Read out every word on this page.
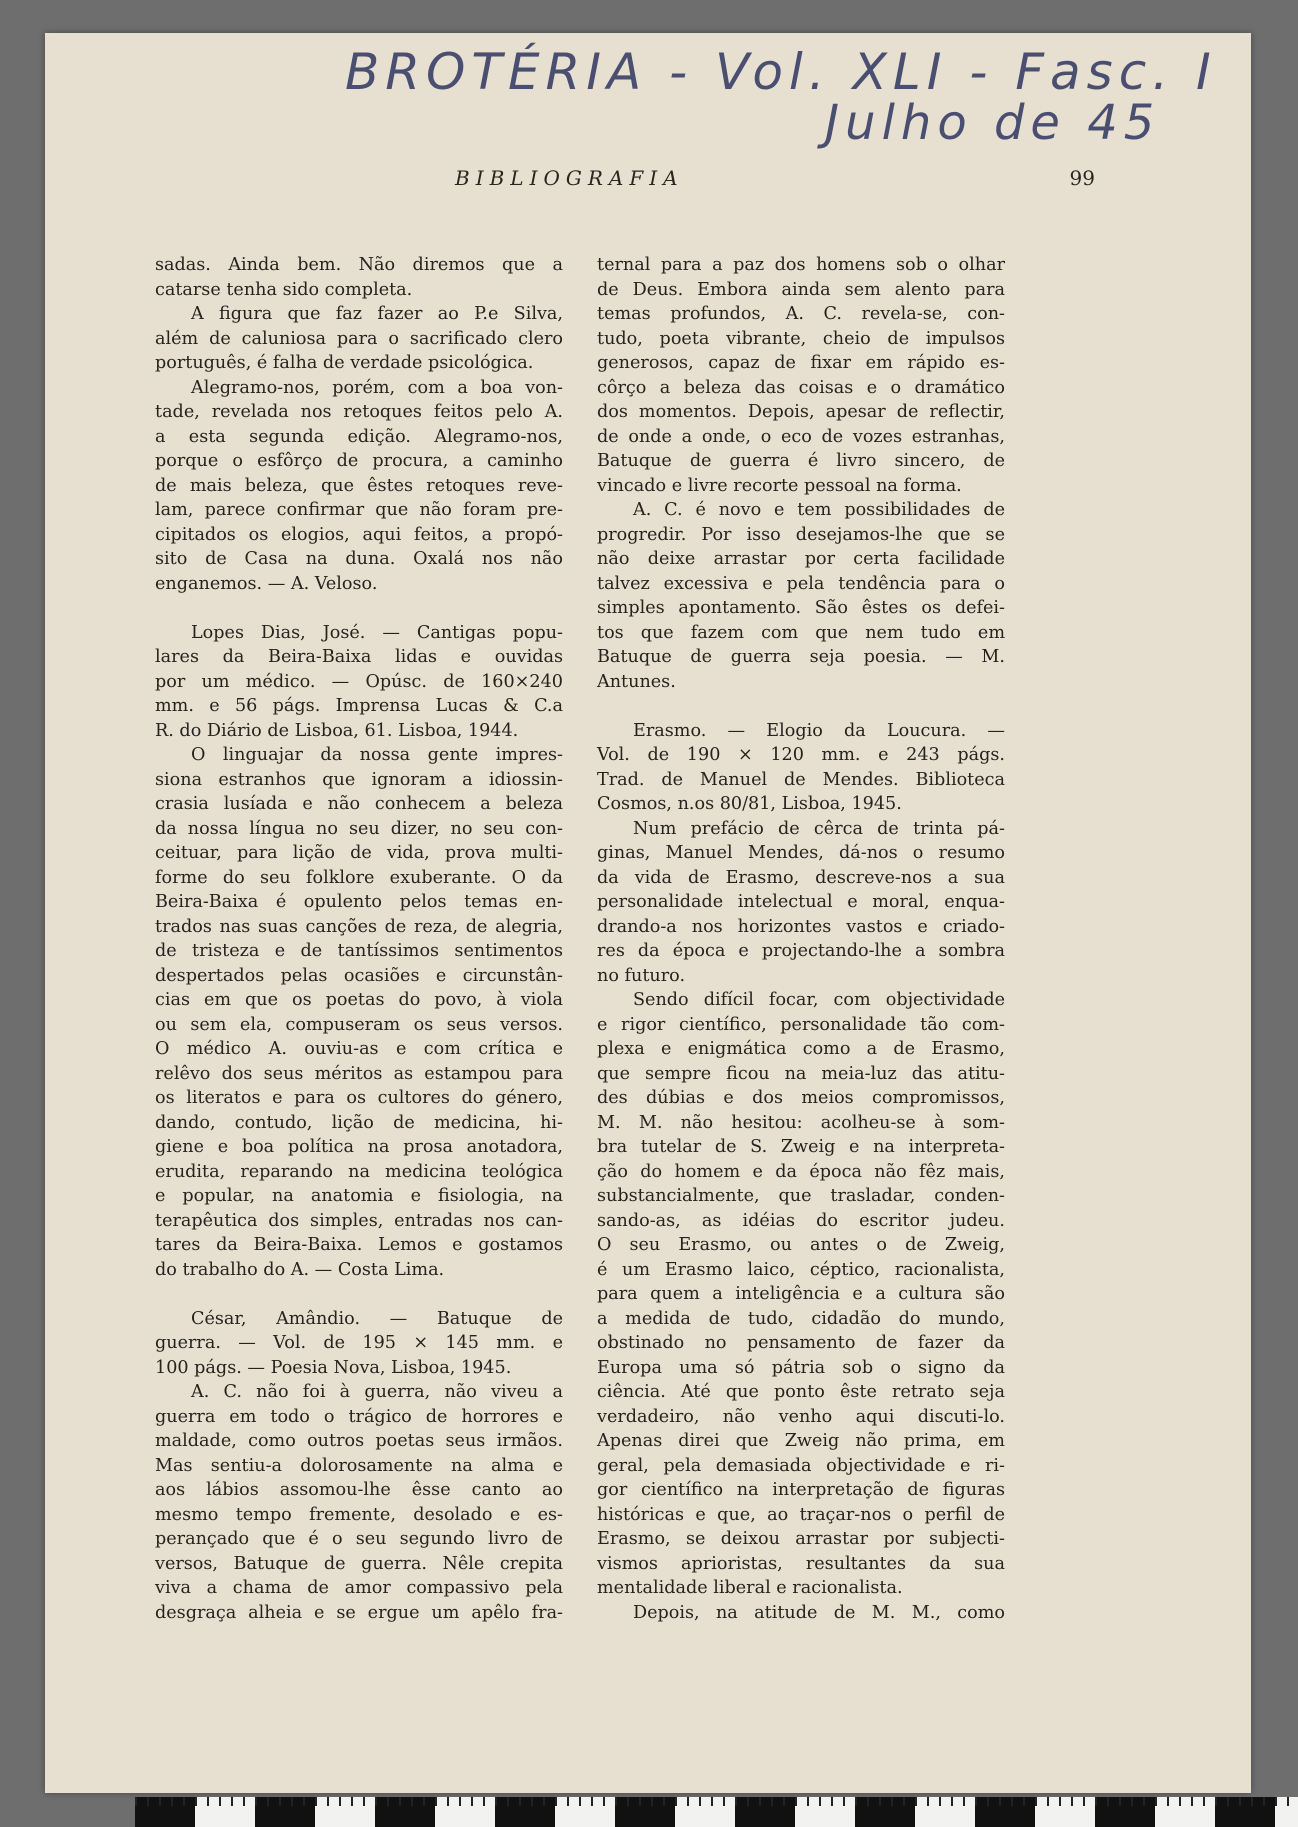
BROTÉRIA - Vol. XLI - Fasc. I
Julho de 45
BIBLIOGRAFIA	99
sadas. Ainda bem. Não diremos que a
catarse tenha sido completa.
A figura que faz fazer ao P.e Silva,
além de caluniosa para o sacrificado clero
português, é falha de verdade psicológica.
Alegramo-nos, porém, com a boa von-
tade, revelada nos retoques feitos pelo A.
a esta segunda edição. Alegramo-nos,
porque o esfôrço de procura, a caminho
de mais beleza, que êstes retoques reve-
lam, parece confirmar que não foram pre-
cipitados os elogios, aqui feitos, a propó-
sito de Casa na duna. Oxalá nos não
enganemos. — A. Veloso.
Lopes Dias, José. — Cantigas popu-
lares da Beira-Baixa lidas e ouvidas
por um médico. — Opúsc. de 160×240
mm. e 56 págs. Imprensa Lucas & C.a
R. do Diário de Lisboa, 61. Lisboa, 1944.
O linguajar da nossa gente impres-
siona estranhos que ignoram a idiossin-
crasia lusíada e não conhecem a beleza
da nossa língua no seu dizer, no seu con-
ceituar, para lição de vida, prova multi-
forme do seu folklore exuberante. O da
Beira-Baixa é opulento pelos temas en-
trados nas suas canções de reza, de alegria,
de tristeza e de tantíssimos sentimentos
despertados pelas ocasiões e circunstân-
cias em que os poetas do povo, à viola
ou sem ela, compuseram os seus versos.
O médico A. ouviu-as e com crítica e
relêvo dos seus méritos as estampou para
os literatos e para os cultores do género,
dando, contudo, lição de medicina, hi-
giene e boa política na prosa anotadora,
erudita, reparando na medicina teológica
e popular, na anatomia e fisiologia, na
terapêutica dos simples, entradas nos can-
tares da Beira-Baixa. Lemos e gostamos
do trabalho do A. — Costa Lima.
César, Amândio. — Batuque de
guerra. — Vol. de 195 × 145 mm. e
100 págs. — Poesia Nova, Lisboa, 1945.
A. C. não foi à guerra, não viveu a
guerra em todo o trágico de horrores e
maldade, como outros poetas seus irmãos.
Mas sentiu-a dolorosamente na alma e
aos lábios assomou-lhe êsse canto ao
mesmo tempo fremente, desolado e es-
perançado que é o seu segundo livro de
versos, Batuque de guerra. Nêle crepita
viva a chama de amor compassivo pela
desgraça alheia e se ergue um apêlo fra-
ternal para a paz dos homens sob o olhar
de Deus. Embora ainda sem alento para
temas profundos, A. C. revela-se, con-
tudo, poeta vibrante, cheio de impulsos
generosos, capaz de fixar em rápido es-
côrço a beleza das coisas e o dramático
dos momentos. Depois, apesar de reflectir,
de onde a onde, o eco de vozes estranhas,
Batuque de guerra é livro sincero, de
vincado e livre recorte pessoal na forma.
A. C. é novo e tem possibilidades de
progredir. Por isso desejamos-lhe que se
não deixe arrastar por certa facilidade
talvez excessiva e pela tendência para o
simples apontamento. São êstes os defei-
tos que fazem com que nem tudo em
Batuque de guerra seja poesia. — M.
Antunes.
Erasmo. — Elogio da Loucura. —
Vol. de 190 × 120 mm. e 243 págs.
Trad. de Manuel de Mendes. Biblioteca
Cosmos, n.os 80/81, Lisboa, 1945.
Num prefácio de cêrca de trinta pá-
ginas, Manuel Mendes, dá-nos o resumo
da vida de Erasmo, descreve-nos a sua
personalidade intelectual e moral, enqua-
drando-a nos horizontes vastos e criado-
res da época e projectando-lhe a sombra
no futuro.
Sendo difícil focar, com objectividade
e rigor científico, personalidade tão com-
plexa e enigmática como a de Erasmo,
que sempre ficou na meia-luz das atitu-
des dúbias e dos meios compromissos,
M. M. não hesitou: acolheu-se à som-
bra tutelar de S. Zweig e na interpreta-
ção do homem e da época não fêz mais,
substancialmente, que trasladar, conden-
sando-as, as idéias do escritor judeu.
O seu Erasmo, ou antes o de Zweig,
é um Erasmo laico, céptico, racionalista,
para quem a inteligência e a cultura são
a medida de tudo, cidadão do mundo,
obstinado no pensamento de fazer da
Europa uma só pátria sob o signo da
ciência. Até que ponto êste retrato seja
verdadeiro, não venho aqui discuti-lo.
Apenas direi que Zweig não prima, em
geral, pela demasiada objectividade e ri-
gor científico na interpretação de figuras
históricas e que, ao traçar-nos o perfil de
Erasmo, se deixou arrastar por subjecti-
vismos aprioristas, resultantes da sua
mentalidade liberal e racionalista.
Depois, na atitude de M. M., como
